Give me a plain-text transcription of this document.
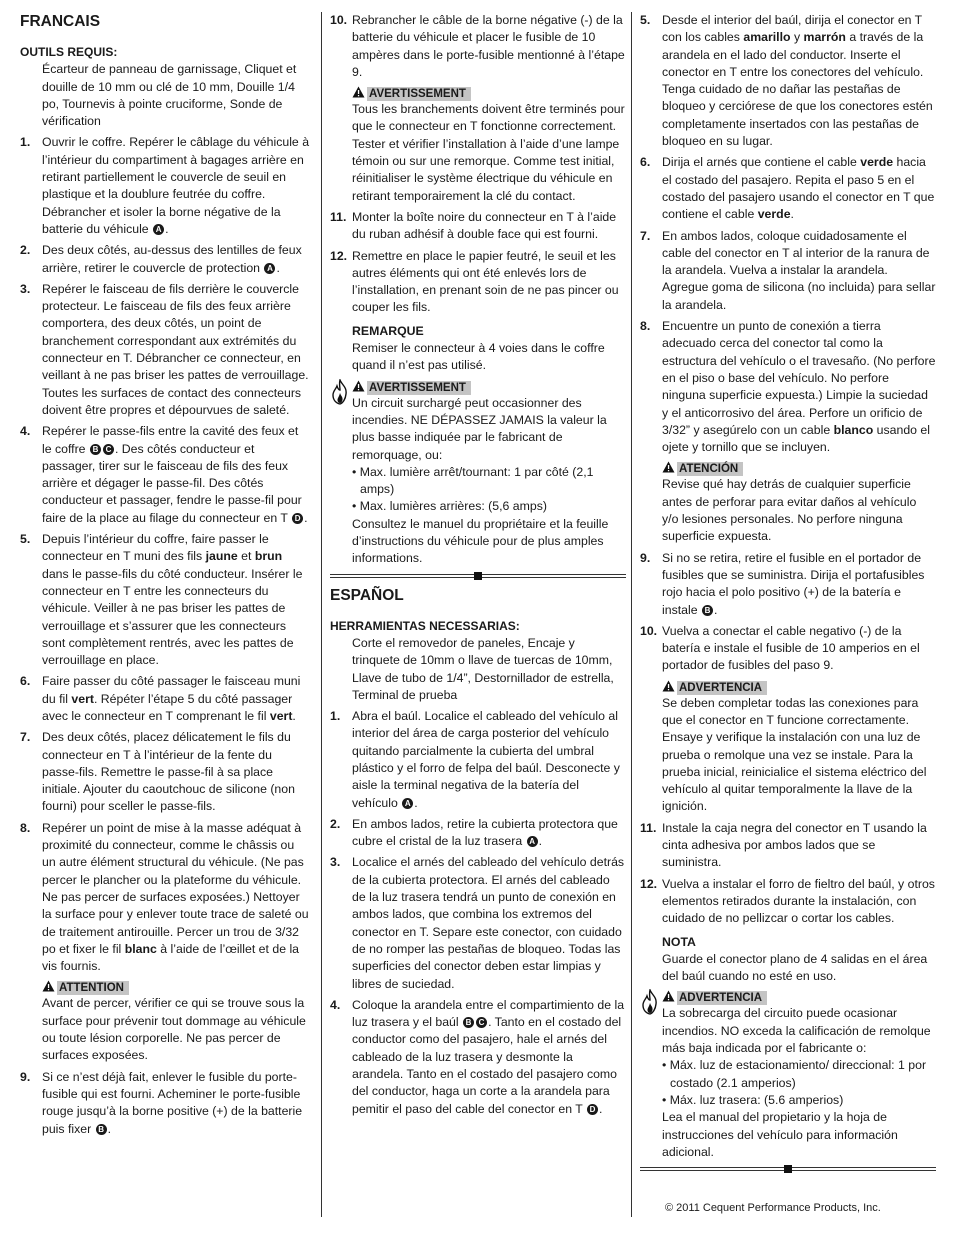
FRANCAIS

OUTILS REQUIS:

Écarteur de panneau de garnissage, Cliquet et douille de 10 mm ou clé de 10 mm, Douille 1/4 po, Tournevis à pointe cruciforme, Sonde de vérification

1. Ouvrir le coffre. Repérer le câblage du véhicule à l’intérieur du compartiment à bagages arrière en retirant partiellement le couvercle de seuil en plastique et la doublure feutrée du coffre. Débrancher et isoler la borne négative de la batterie du véhicule A .
2. Des deux côtés, au-dessus des lentilles de feux arrière, retirer le couvercle de protection A .
3. Repérer le faisceau de fils derrière le couvercle protecteur. Le faisceau de fils des feux arrière comportera, des deux côtés, un point de branchement correspondant aux extrémités du connecteur en T. Débrancher ce connecteur, en veillant à ne pas briser les pattes de verrouillage. Toutes les surfaces de contact des connecteurs doivent être propres et dépourvues de saleté.
4. Repérer le passe-fils entre la cavité des feux et le coffre B C . Des côtés conducteur et passager, tirer sur le faisceau de fils des feux arrière et dégager le passe-fil. Des côtés conducteur et passager, fendre le passe-fil pour faire de la place au filage du connecteur en T D .
5. Depuis l’intérieur du coffre, faire passer le connecteur en T muni des fils jaune et brun dans le passe-fils du côté conducteur. Insérer le connecteur en T entre les connecteurs du véhicule. Veiller à ne pas briser les pattes de verrouillage et s’assurer que les connecteurs sont complètement rentrés, avec les pattes de verrouillage en place.
6. Faire passer du côté passager le faisceau muni du fil vert. Répéter l’étape 5 du côté passager avec le connecteur en T comprenant le fil vert.
7. Des deux côtés, placez délicatement le fils du connecteur en T à l’intérieur de la fente du passe-fils. Remettre le passe-fil à sa place initiale. Ajouter du caoutchouc de silicone (non fourni) pour sceller le passe-fils.
8. Repérer un point de mise à la masse adéquat à proximité du connecteur, comme le châssis ou un autre élément structural du véhicule. (Ne pas percer le plancher ou la plateforme du véhicule. Ne pas percer de surfaces exposées.) Nettoyer la surface pour y enlever toute trace de saleté ou de traitement antirouille. Percer un trou de 3/32 po et fixer le fil blanc à l’aide de l’œillet et de la vis fournis.
ATTENTION

Avant de percer, vérifier ce qui se trouve sous la surface pour prévenir tout dommage au véhicule ou toute lésion corporelle. Ne pas percer de surfaces exposées.

9. Si ce n’est déjà fait, enlever le fusible du porte-fusible qui est fourni. Acheminer le porte-fusible rouge jusqu’à la borne positive (+) de la batterie puis fixer B .
10. Rebrancher le câble de la borne négative (-) de la batterie du véhicule et placer le fusible de 10 ampères dans le porte-fusible mentionné à l’étape 9.
AVERTISSEMENT

Tous les branchements doivent être terminés pour que le connecteur en T fonctionne correctement. Tester et vérifier l’installation à l’aide d’une lampe témoin ou sur une remorque. Comme test initial, réinitialiser le système électrique du véhicule en retirant temporairement la clé du contact.

11. Monter la boîte noire du connecteur en T à l’aide du ruban adhésif à double face qui est fourni.
12. Remettre en place le papier feutré, le seuil et les autres éléments qui ont été enlevés lors de l’installation, en prenant soin de ne pas pincer ou couper les fils.

REMARQUE

Remiser le connecteur à 4 voies dans le coffre quand il n’est pas utilisé.

AVERTISSEMENT

Un circuit surchargé peut occasionner des incendies. NE DÉPASSEZ JAMAIS la valeur la plus basse indiquée par le fabricant de remorquage, ou:

• Max. lumière arrêt/tournant: 1 par côté (2,1 amps)

• Max. lumières arrières: (5,6 amps)

Consultez le manuel du propriétaire et la feuille d’instructions du véhicule pour de plus amples informations.

ESPAÑOL

HERRAMIENTAS NECESSARIAS:

Corte el removedor de paneles, Encaje y trinquete de 10mm o llave de tuercas de 10mm, Llave de tubo de 1/4”, Destornillador de estrella, Terminal de prueba

1. Abra el baúl. Localice el cableado del vehículo al interior del área de carga posterior del vehículo quitando parcialmente la cubierta del umbral plástico y el forro de felpa del baúl. Desconecte y aisle la terminal negativa de la batería del vehículo A .
2. En ambos lados, retire la cubierta protectora que cubre el cristal de la luz trasera A .
3. Localice el arnés del cableado del vehículo detrás de la cubierta protectora. El arnés del cableado de la luz trasera tendrá un punto de conexión en ambos lados, que combina los extremos del conector en T. Separe este conector, con cuidado de no romper las pestañas de bloqueo. Todas las superficies del conector deben estar limpias y libres de suciedad.
4. Coloque la arandela entre el compartimiento de la luz trasera y el baúl B C . Tanto en el costado del conductor como del pasajero, hale el arnés del cableado de la luz trasera y desmonte la arandela. Tanto en el costado del pasajero como del conductor, haga un corte a la arandela para pemitir el paso del cable del conector en T D .
5. Desde el interior del baúl, dirija el conector en T con los cables amarillo y marrón a través de la arandela en el lado del conductor. Inserte el conector en T entre los conectores del vehículo. Tenga cuidado de no dañar las pestañas de bloqueo y cerciórese de que los conectores estén completamente insertados con las pestañas de bloqueo en su lugar.
6. Dirija el arnés que contiene el cable verde hacia el costado del pasajero. Repita el paso 5 en el costado del pasajero usando el conector en T que contiene el cable verde.
7. En ambos lados, coloque cuidadosamente el cable del conector en T al interior de la ranura de la arandela. Vuelva a instalar la arandela. Agregue goma de silicona (no incluida) para sellar la arandela.
8. Encuentre un punto de conexión a tierra adecuado cerca del conector tal como la estructura del vehículo o el travesaño. (No perfore en el piso o base del vehículo. No perfore ninguna superficie expuesta.) Limpie la suciedad y el anticorrosivo del área. Perfore un orificio de 3/32” y asegúrelo con un cable blanco usando el ojete y tornillo que se incluyen.
ATENCIÓN

Revise qué hay detrás de cualquier superficie antes de perforar para evitar daños al vehículo y/o lesiones personales. No perfore ninguna superficie expuesta.

9. Si no se retira, retire el fusible en el portador de fusibles que se suministra. Dirija el portafusibles rojo hacia el polo positivo (+) de la batería e instale B .
10. Vuelva a conectar el cable negativo (-) de la batería e instale el fusible de 10 amperios en el portador de fusibles del paso 9.
ADVERTENCIA

Se deben completar todas las conexiones para que el conector en T funcione correctamente. Ensaye y verifique la instalación con una luz de prueba o remolque una vez se instale. Para la prueba inicial, reinicialice el sistema eléctrico del vehículo al quitar temporalmente la llave de la ignición.

11. Instale la caja negra del conector en T usando la cinta adhesiva por ambos lados que se suministra.
12. Vuelva a instalar el forro de fieltro del baúl, y otros elementos retirados durante la instalación, con cuidado de no pellizcar o cortar los cables.

NOTA

Guarde el conector plano de 4 salidas en el área del baúl cuando no esté en uso.

ADVERTENCIA

La sobrecarga del circuito puede ocasionar incendios. NO exceda la calificación de remolque más baja indicada por el fabricante o:

• Máx. luz de estacionamiento/ direccional: 1 por costado (2.1 amperios)

• Máx. luz trasera: (5.6 amperios)

Lea el manual del propietario y la hoja de instrucciones del vehículo para información adicional.

© 2011 Cequent Performance Products, Inc.
